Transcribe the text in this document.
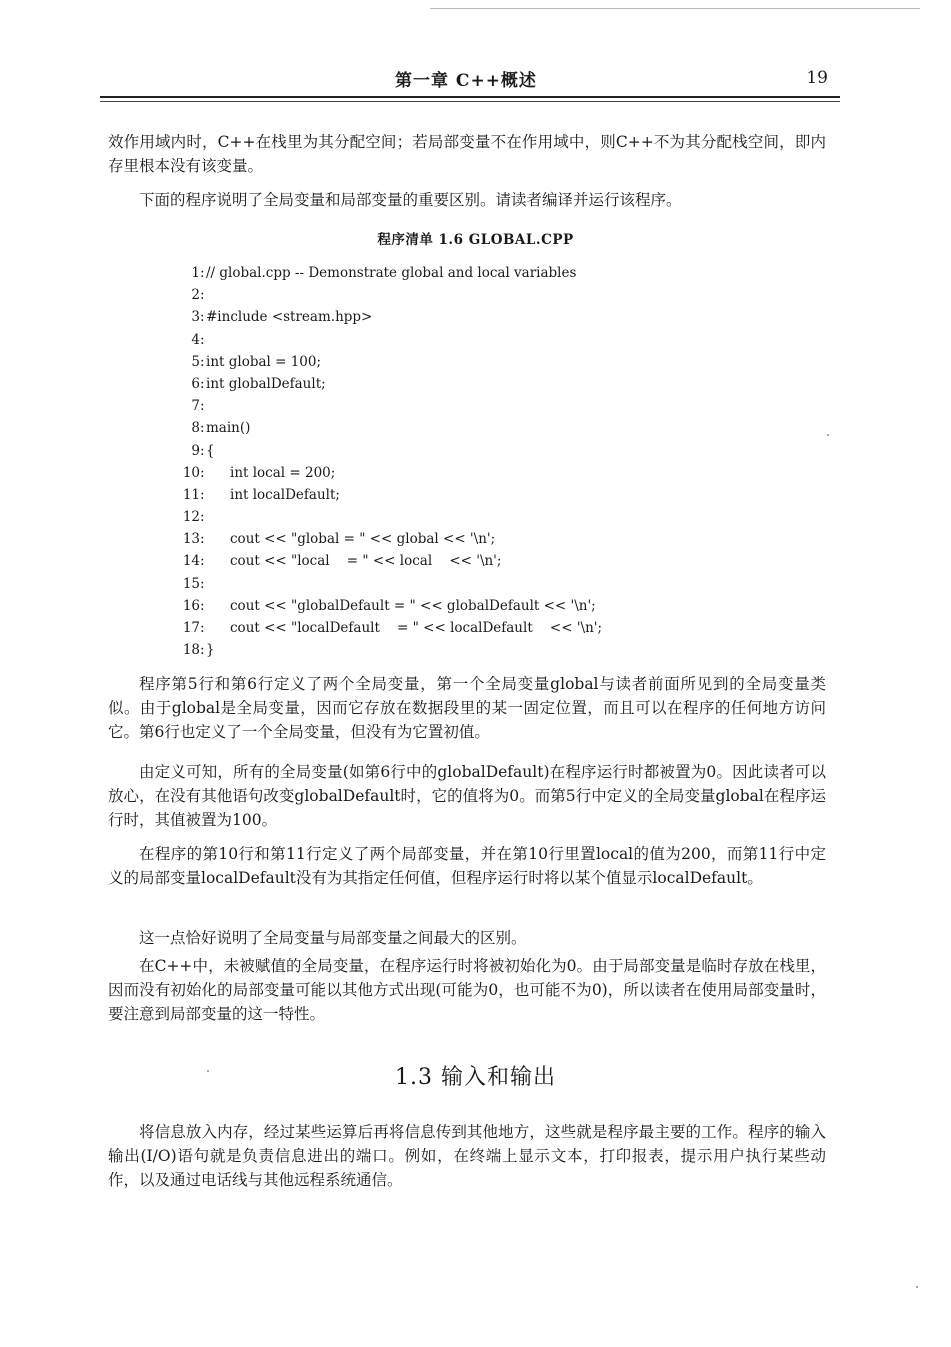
第一章 C++概述	19

效作用域内时，C++在栈里为其分配空间；若局部变量不在作用域中，则C++不为其分配栈空间，即内存里根本没有该变量。

下面的程序说明了全局变量和局部变量的重要区别。请读者编译并运行该程序。

程序清单 1.6 GLOBAL.CPP
1: // global.cpp -- Demonstrate global and local variables
2:
3: #include <stream.hpp>
4:
5: int global = 100;
6: int globalDefault;
7:
8: main()
9: {
10: int local = 200;
11: int localDefault;
12:
13: cout << "global = " << global << '\n';
14: cout << "local    = " << local    << '\n';
15:
16: cout << "globalDefault = " << globalDefault << '\n';
17: cout << "localDefault    = " << localDefault    << '\n';
18: }

程序第5行和第6行定义了两个全局变量，第一个全局变量global与读者前面所见到的全局变量类似。由于global是全局变量，因而它存放在数据段里的某一固定位置，而且可以在程序的任何地方访问它。第6行也定义了一个全局变量，但没有为它置初值。

由定义可知，所有的全局变量(如第6行中的globalDefault)在程序运行时都被置为0。因此读者可以放心，在没有其他语句改变globalDefault时，它的值将为0。而第5行中定义的全局变量global在程序运行时，其值被置为100。

在程序的第10行和第11行定义了两个局部变量，并在第10行里置local的值为200，而第11行中定义的局部变量localDefault没有为其指定任何值，但程序运行时将以某个值显示localDefault。

这一点恰好说明了全局变量与局部变量之间最大的区别。

在C++中，未被赋值的全局变量，在程序运行时将被初始化为0。由于局部变量是临时存放在栈里，因而没有初始化的局部变量可能以其他方式出现(可能为0，也可能不为0)，所以读者在使用局部变量时，要注意到局部变量的这一特性。

1.3 输入和输出

将信息放入内存，经过某些运算后再将信息传到其他地方，这些就是程序最主要的工作。程序的输入输出(I/O)语句就是负责信息进出的端口。例如，在终端上显示文本，打印报表，提示用户执行某些动作，以及通过电话线与其他远程系统通信。
